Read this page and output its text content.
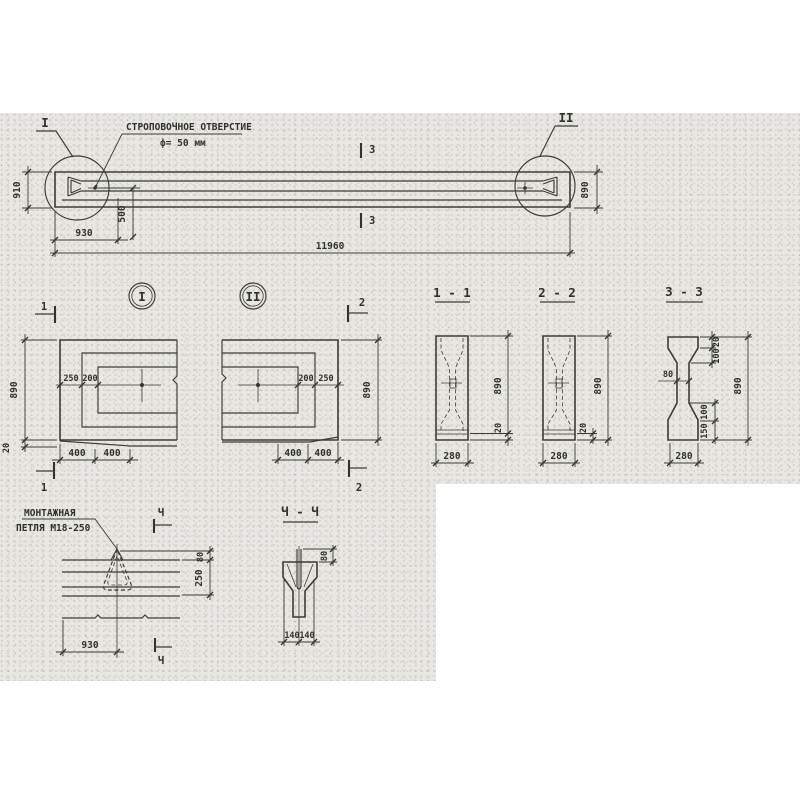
I	II
СТРОПОВОЧНОЕ ОТВЕРСТИЕ
ф= 50 мм
910
500
930
11960
890
3
3
I
1
1
250 200
400 400
890
20
II	2
2
200 250
400 400
890
1 - 1
890
20
280
2 - 2
890
20
280
3 - 3
80
20
100
100
150
890
280
МОНТАЖНАЯ
ПЕТЛЯ М18-250
Ч
Ч
80
250
930
Ч - Ч
80
140 140
